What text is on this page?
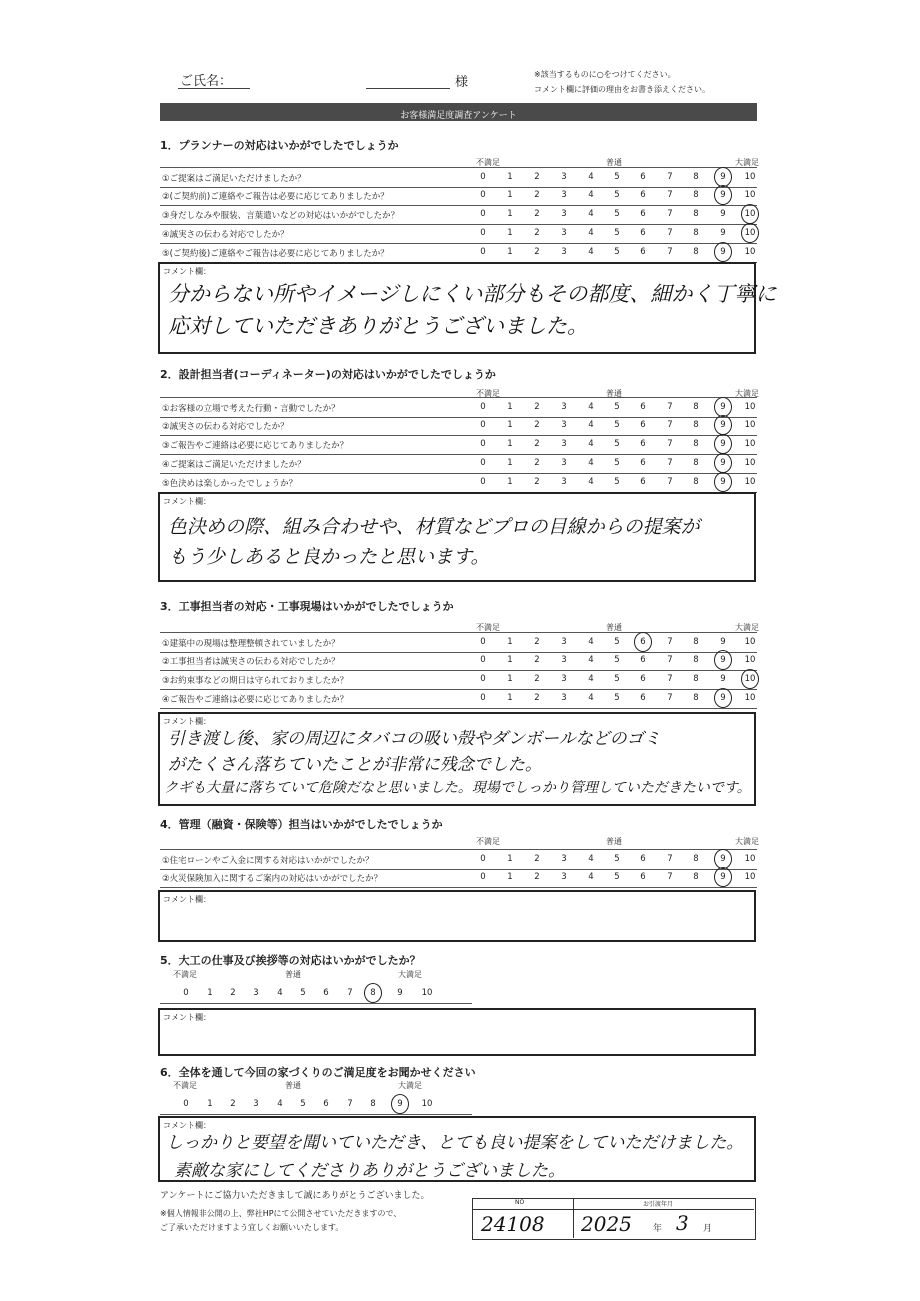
ご氏名：	様
※該当するものに○をつけてください。
コメント欄に評価の理由をお書き添えください。
お客様満足度調査アンケート
1．プランナーの対応はいかがでしたでしょうか
不満足	普通	大満足
①ご提案はご満足いただけましたか？	0	1	2	3	4	5	6	7	8	9	10
②(ご契約前)ご連絡やご報告は必要に応じてありましたか？	0	1	2	3	4	5	6	7	8	9	10
③身だしなみや服装、言葉遣いなどの対応はいかがでしたか？	0	1	2	3	4	5	6	7	8	9	10
④誠実さの伝わる対応でしたか？	0	1	2	3	4	5	6	7	8	9	10
⑤(ご契約後)ご連絡やご報告は必要に応じてありましたか？	0	1	2	3	4	5	6	7	8	9	10
コメント欄：
分からない所やイメージしにくい部分もその都度、細かく丁寧に
応対していただきありがとうございました。
2．設計担当者(コーディネーター)の対応はいかがでしたでしょうか
不満足	普通	大満足
①お客様の立場で考えた行動・言動でしたか？	0	1	2	3	4	5	6	7	8	9	10
②誠実さの伝わる対応でしたか？	0	1	2	3	4	5	6	7	8	9	10
③ご報告やご連絡は必要に応じてありましたか？	0	1	2	3	4	5	6	7	8	9	10
④ご提案はご満足いただけましたか？	0	1	2	3	4	5	6	7	8	9	10
⑤色決めは楽しかったでしょうか？	0	1	2	3	4	5	6	7	8	9	10
コメント欄：
色決めの際、組み合わせや、材質などプロの目線からの提案が
もう少しあると良かったと思います。
3．工事担当者の対応・工事現場はいかがでしたでしょうか
不満足	普通	大満足
①建築中の現場は整理整頓されていましたか？	0	1	2	3	4	5	6	7	8	9	10
②工事担当者は誠実さの伝わる対応でしたか？	0	1	2	3	4	5	6	7	8	9	10
③お約束事などの期日は守られておりましたか？	0	1	2	3	4	5	6	7	8	9	10
④ご報告やご連絡は必要に応じてありましたか？	0	1	2	3	4	5	6	7	8	9	10
コメント欄：
引き渡し後、家の周辺にタバコの吸い殻やダンボールなどのゴミ
がたくさん落ちていたことが非常に残念でした。
クギも大量に落ちていて危険だなと思いました。現場でしっかり管理していただきたいです。
4．管理（融資・保険等）担当はいかがでしたでしょうか
不満足	普通	大満足
①住宅ローンやご入金に関する対応はいかがでしたか？	0	1	2	3	4	5	6	7	8	9	10
②火災保険加入に関するご案内の対応はいかがでしたか？	0	1	2	3	4	5	6	7	8	9	10
コメント欄：
5．大工の仕事及び挨拶等の対応はいかがでしたか？
不満足	普通	大満足
0	1	2	3	4	5	6	7	8	9	10
コメント欄：
6．全体を通して今回の家づくりのご満足度をお聞かせください
不満足	普通	大満足
0	1	2	3	4	5	6	7	8	9	10
コメント欄：
しっかりと要望を聞いていただき、とても良い提案をしていただけました。
素敵な家にしてくださりありがとうございました。
アンケートにご協力いただきまして誠にありがとうございました。
※個人情報非公開の上、弊社HPにて公開させていただきますので、
ご了承いただけますよう宜しくお願いいたします。
NO	お引渡年月
24108 2025 年 3 月
